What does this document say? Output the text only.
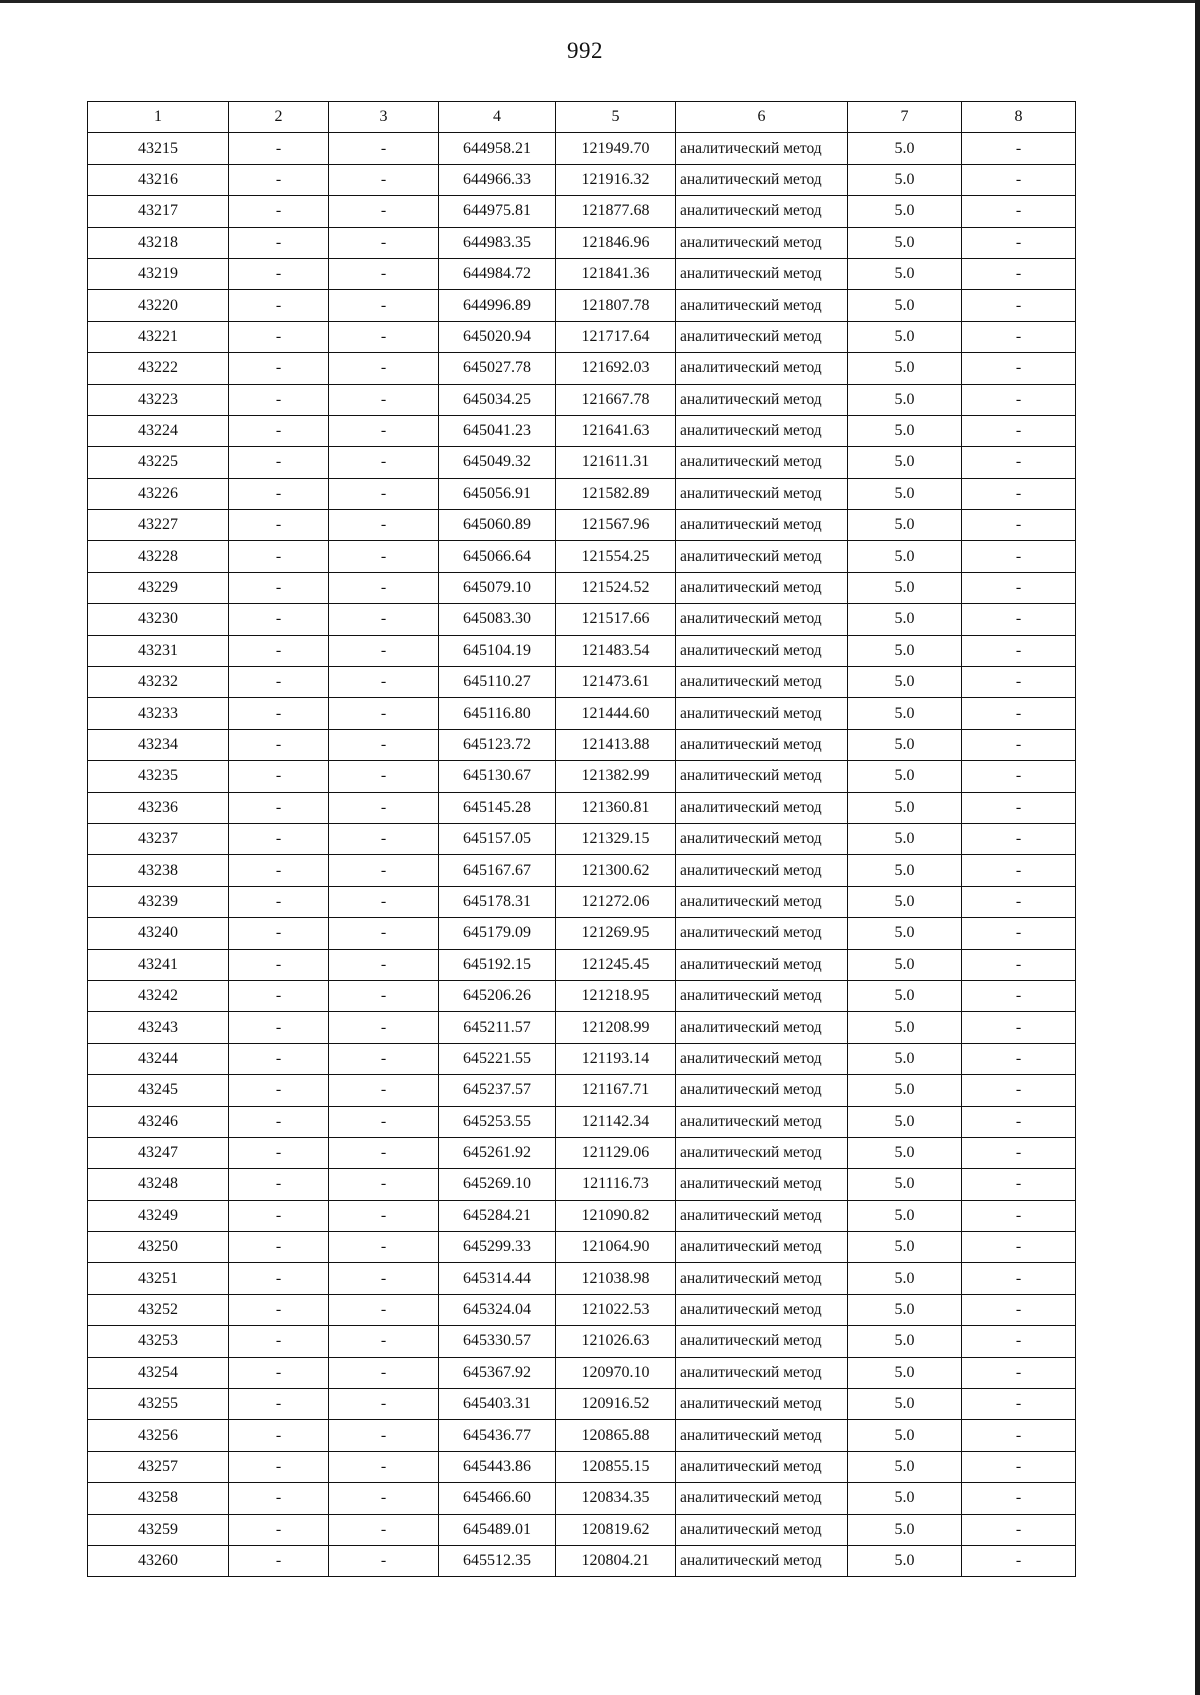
992
1	2	3	4	5	6	7	8
43215	-	-	644958.21	121949.70	аналитический метод	5.0	-
43216	-	-	644966.33	121916.32	аналитический метод	5.0	-
43217	-	-	644975.81	121877.68	аналитический метод	5.0	-
43218	-	-	644983.35	121846.96	аналитический метод	5.0	-
43219	-	-	644984.72	121841.36	аналитический метод	5.0	-
43220	-	-	644996.89	121807.78	аналитический метод	5.0	-
43221	-	-	645020.94	121717.64	аналитический метод	5.0	-
43222	-	-	645027.78	121692.03	аналитический метод	5.0	-
43223	-	-	645034.25	121667.78	аналитический метод	5.0	-
43224	-	-	645041.23	121641.63	аналитический метод	5.0	-
43225	-	-	645049.32	121611.31	аналитический метод	5.0	-
43226	-	-	645056.91	121582.89	аналитический метод	5.0	-
43227	-	-	645060.89	121567.96	аналитический метод	5.0	-
43228	-	-	645066.64	121554.25	аналитический метод	5.0	-
43229	-	-	645079.10	121524.52	аналитический метод	5.0	-
43230	-	-	645083.30	121517.66	аналитический метод	5.0	-
43231	-	-	645104.19	121483.54	аналитический метод	5.0	-
43232	-	-	645110.27	121473.61	аналитический метод	5.0	-
43233	-	-	645116.80	121444.60	аналитический метод	5.0	-
43234	-	-	645123.72	121413.88	аналитический метод	5.0	-
43235	-	-	645130.67	121382.99	аналитический метод	5.0	-
43236	-	-	645145.28	121360.81	аналитический метод	5.0	-
43237	-	-	645157.05	121329.15	аналитический метод	5.0	-
43238	-	-	645167.67	121300.62	аналитический метод	5.0	-
43239	-	-	645178.31	121272.06	аналитический метод	5.0	-
43240	-	-	645179.09	121269.95	аналитический метод	5.0	-
43241	-	-	645192.15	121245.45	аналитический метод	5.0	-
43242	-	-	645206.26	121218.95	аналитический метод	5.0	-
43243	-	-	645211.57	121208.99	аналитический метод	5.0	-
43244	-	-	645221.55	121193.14	аналитический метод	5.0	-
43245	-	-	645237.57	121167.71	аналитический метод	5.0	-
43246	-	-	645253.55	121142.34	аналитический метод	5.0	-
43247	-	-	645261.92	121129.06	аналитический метод	5.0	-
43248	-	-	645269.10	121116.73	аналитический метод	5.0	-
43249	-	-	645284.21	121090.82	аналитический метод	5.0	-
43250	-	-	645299.33	121064.90	аналитический метод	5.0	-
43251	-	-	645314.44	121038.98	аналитический метод	5.0	-
43252	-	-	645324.04	121022.53	аналитический метод	5.0	-
43253	-	-	645330.57	121026.63	аналитический метод	5.0	-
43254	-	-	645367.92	120970.10	аналитический метод	5.0	-
43255	-	-	645403.31	120916.52	аналитический метод	5.0	-
43256	-	-	645436.77	120865.88	аналитический метод	5.0	-
43257	-	-	645443.86	120855.15	аналитический метод	5.0	-
43258	-	-	645466.60	120834.35	аналитический метод	5.0	-
43259	-	-	645489.01	120819.62	аналитический метод	5.0	-
43260	-	-	645512.35	120804.21	аналитический метод	5.0	-
